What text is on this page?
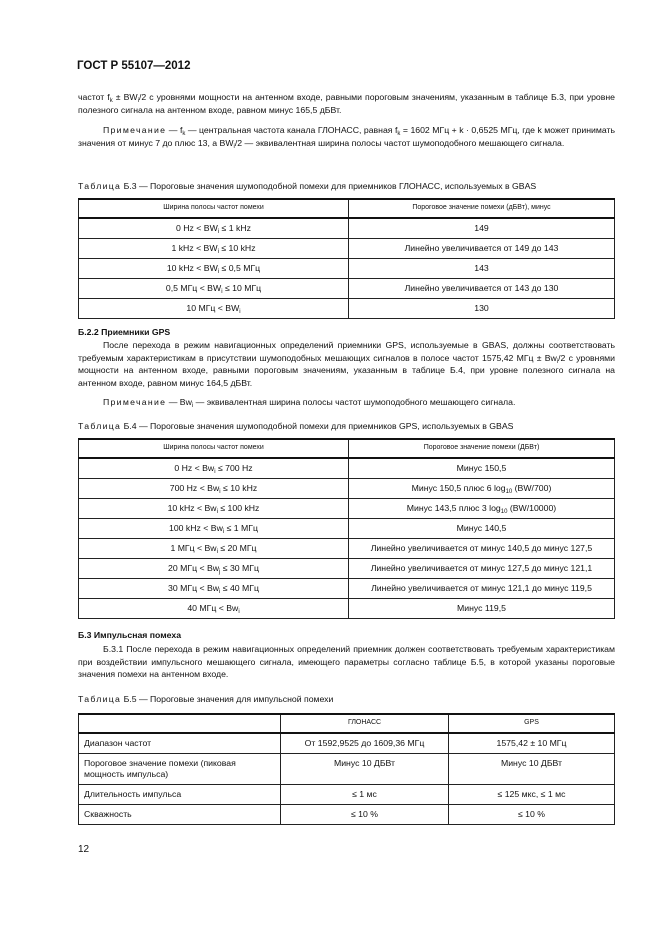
ГОСТ Р 55107—2012
частот $f_k \pm BW_i/2$ с уровнями мощности на антенном входе, равными пороговым значениям, указанным в таблице Б.3, при уровне полезного сигнала на антенном входе, равном минус 165,5 дБВт.
Примечание — $f_k$ — центральная частота канала ГЛОНАСС, равная $f_k = 1602$ МГц + k · 0,6525 МГц, где k может принимать значения от минус 7 до плюс 13, а $BW_i/2$ — эквивалентная ширина полосы частот шумоподобного мешающего сигнала.
Таблица Б.3 — Пороговые значения шумоподобной помехи для приемников ГЛОНАСС, используемых в GBAS
Ширина полосы частот помехи	Пороговое значение помехи (дБВт), минус
0 $Hz < BW_i \le 1$ kHz	149
1 kHz < $BW_i \le 10$ kHz	Линейно увеличивается от 149 до 143
10 kHz < $BW_i \le 0,5$ МГц	143
0,5 МГц < $BW_i \le 10$ МГц	Линейно увеличивается от 143 до 130
10 МГц < $BW_i$	130
Б.2.2 Приемники GPS
После перехода в режим навигационных определений приемники GPS, используемые в GBAS, должны соответствовать требуемым характеристикам в присутствии шумоподобных мешающих сигналов в полосе частот 1575,42 МГц ± $Bw_i/2$ с уровнями мощности на антенном входе, равными пороговым значениям, указанным в таблице Б.4, при уровне полезного сигнала на антенном входе, равном минус 164,5 дБВт.
Примечание — $Bw_i$ — эквивалентная ширина полосы частот шумоподобного мешающего сигнала.
Таблица Б.4 — Пороговые значения шумоподобной помехи для приемников GPS, используемых в GBAS
Ширина полосы частот помехи	Пороговое значение помехи (ДБВт)
0 $Hz < Bw_i \le 700$ Hz	Минус 150,5
700 $Hz < Bw_i \le 10$ kHz	Минус 150,5 плюс 6 $\log_{10} (BW/700)$
10 kHz < $Bw_i \le 100$ kHz	Минус 143,5 плюс 3 $\log_{10} (BW/10000)$
100 kHz < $Bw_i \le 1$ МГц	Минус 140,5
1 МГц < $Bw_i \le 20$ МГц	Линейно увеличивается от минус 140,5 до минус 127,5
20 МГц < $Bw_j \le 30$ МГц	Линейно увеличивается от минус 127,5 до минус 121,1
30 МГц < $Bw_i \le 40$ МГц	Линейно увеличивается от минус 121,1 до минус 119,5
40 МГц < $Bw_i$	Минус 119,5
Б.3 Импульсная помеха
Б.3.1 После перехода в режим навигационных определений приемник должен соответствовать требуемым характеристикам при воздействии импульсного мешающего сигнала, имеющего параметры согласно таблице Б.5, в которой указаны пороговые значения помехи на антенном входе.
Таблица Б.5 — Пороговые значения для импульсной помехи
	ГЛОНАСС	GPS
Диапазон частот	От 1592,9525 до 1609,36 МГц	1575,42 ± 10 МГц
Пороговое значение помехи (пиковая мощность импульса)	Минус 10 ДБВт	Минус 10 ДБВт
Длительность импульса	≤ 1 мс	≤ 125 мкс, ≤ 1 мс
Скважность	≤ 10 %	≤ 10 %
12
